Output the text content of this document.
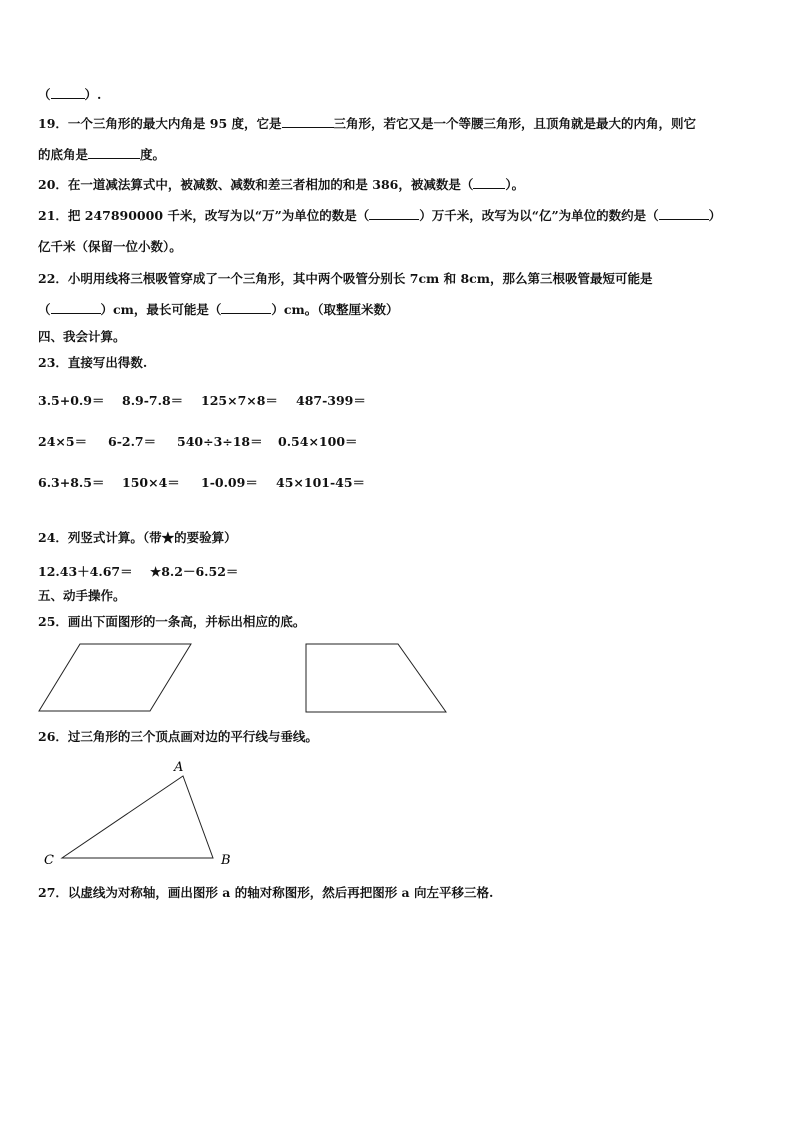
（	）.
19．一个三角形的最大内角是 95 度，它是	三角形，若它又是一个等腰三角形，且顶角就是最大的内角，则它
的底角是	度。
20．在一道减法算式中，被减数、减数和差三者相加的和是 386，被减数是（	）。
21．把 247890000 千米，改写为以“万”为单位的数是（	）万千米，改写为以“亿”为单位的数约是（	）
亿千米（保留一位小数）。
22．小明用线将三根吸管穿成了一个三角形，其中两个吸管分别长 7cm 和 8cm，那么第三根吸管最短可能是
（	）cm，最长可能是（	）cm。（取整厘米数）
四、我会计算。
23．直接写出得数.
3.5+0.9＝ 8.9-7.8＝ 125×7×8＝ 487-399＝
24×5＝ 6-2.7＝ 540÷3÷18＝ 0.54×100＝
6.3+8.5＝ 150×4＝ 1-0.09＝ 45×101-45＝
24．列竖式计算。（带★的要验算）
12.43＋4.67＝ ★8.2－6.52＝
五、动手操作。
25．画出下面图形的一条高，并标出相应的底。
26．过三角形的三个顶点画对边的平行线与垂线。
A
B
C
27．以虚线为对称轴，画出图形 a 的轴对称图形，然后再把图形 a 向左平移三格.
